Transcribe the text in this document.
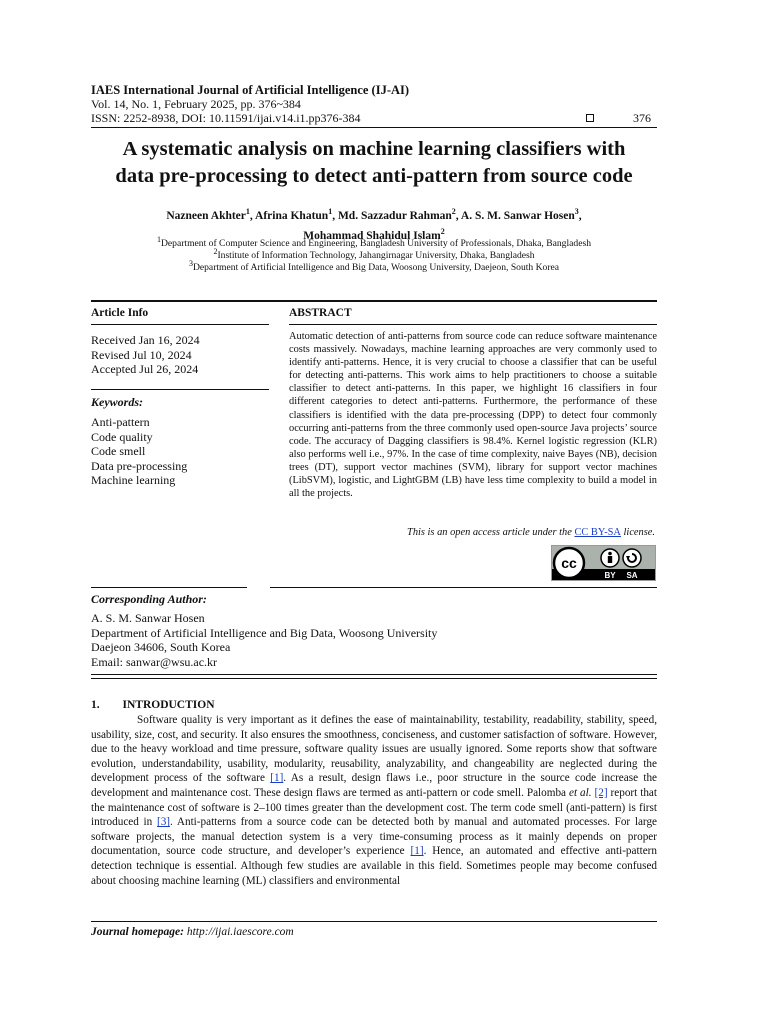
IAES International Journal of Artificial Intelligence (IJ-AI)
Vol. 14, No. 1, February 2025, pp. 376~384
ISSN: 2252-8938, DOI: 10.11591/ijai.v14.i1.pp376-384	376
A systematic analysis on machine learning classifiers with
data pre-processing to detect anti-pattern from source code
Nazneen Akhter$^1$, Afrina Khatun$^1$, Md. Sazzadur Rahman$^2$, A. S. M. Sanwar Hosen$^3$,
Mohammad Shahidul Islam$^2$
$^1$Department of Computer Science and Engineering, Bangladesh University of Professionals, Dhaka, Bangladesh
$^2$Institute of Information Technology, Jahangirnagar University, Dhaka, Bangladesh
$^3$Department of Artificial Intelligence and Big Data, Woosong University, Daejeon, South Korea
Article Info	ABSTRACT
Received Jan 16, 2024
Revised Jul 10, 2024
Accepted Jul 26, 2024
Keywords:
Anti-pattern
Code quality
Code smell
Data pre-processing
Machine learning
Automatic detection of anti-patterns from source code can reduce software maintenance costs massively. Nowadays, machine learning approaches are very commonly used to identify anti-patterns. Hence, it is very crucial to choose a classifier that can be useful for detecting anti-patterns. This work aims to help practitioners to choose a suitable classifier to detect anti-patterns. In this paper, we highlight 16 classifiers in four different categories to detect anti-patterns. Furthermore, the performance of these classifiers is identified with the data pre-processing (DPP) to detect four commonly occurring anti-patterns from the three commonly used open-source Java projects’ source code. The accuracy of Dagging classifiers is 98.4%. Kernel logistic regression (KLR) also performs well i.e., 97%. In the case of time complexity, naive Bayes (NB), decision trees (DT), support vector machines (SVM), library for support vector machines (LibSVM), logistic, and LightGBM (LB) have less time complexity to build a model in all the projects.
This is an open access article under the CC BY-SA license.
cc
BY SA
Corresponding Author:
A. S. M. Sanwar Hosen
Department of Artificial Intelligence and Big Data, Woosong University
Daejeon 34606, South Korea
Email: sanwar@wsu.ac.kr
1. INTRODUCTION

Software quality is very important as it defines the ease of maintainability, testability, readability, stability, speed, usability, size, cost, and security. It also ensures the smoothness, conciseness, and customer satisfaction of software. However, due to the heavy workload and time pressure, software quality issues are usually ignored. Some reports show that software evolution, understandability, usability, modularity, reusability, analyzability, and changeability are neglected during the development process of the software [1]. As a result, design flaws i.e., poor structure in the source code increase the development and maintenance cost. These design flaws are termed as anti-pattern or code smell. Palomba et al. [2] report that the maintenance cost of software is 2–100 times greater than the development cost. The term code smell (anti-pattern) is first introduced in [3]. Anti-patterns from a source code can be detected both by manual and automated processes. For large software projects, the manual detection system is a very time-consuming process as it mainly depends on proper documentation, source code structure, and developer’s experience [1]. Hence, an automated and effective anti-pattern detection technique is essential. Although few studies are available in this field. Sometimes people may become confused about choosing machine learning (ML) classifiers and environmental

Journal homepage: http://ijai.iaescore.com
